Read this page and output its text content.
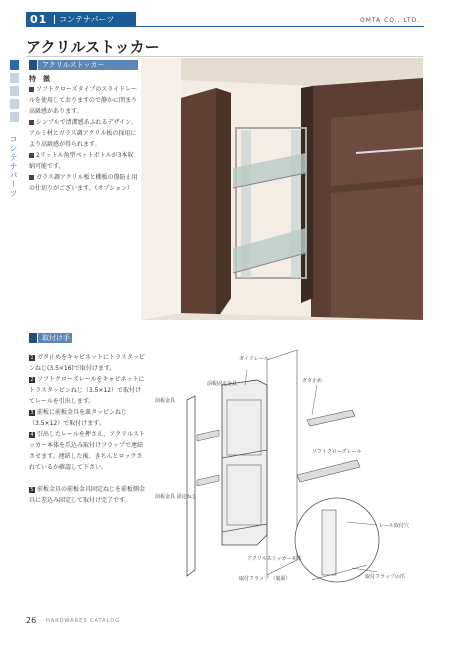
01 コンテナパーツ	OMTA CO., LTD.
アクリルストッカー
コンテナパーツ
アクリルストッカー
特　徴
ソフトクローズタイプのスライドレールを使用しておりますので静かに閉まり高級感があります。
シンプルで清潔感あふれるデザイン。アルミ材とガラス調アクリル板の採用により高級感が得られます。
2リットル角型ペットボトルが3本収納可能です。
ガラス調アクリル板と棚板の傷防止用の仕切りがございます。（オプション）
取付け手順
1 ガタ止めをキャビネットにトラスタッピンねじ(3.5×16)で取付けます。
2 ソフトクローズレールをキャビネットにトラスタッピンねじ（3.5×12）で取付けてレールを引出します。
3 前板に前板金具を皿タッピンねじ（3.5×12）で取付けます。
4 引出したレールを押さえ、アクリルストッカー本体を爪込み取付けフラップで連結させます。連結した後、きちんとロックされているか確認して下さい。
5 前板金具の前板金具固定ねじを前板側金具に差込み固定して取付け完了です。
ガイドレール
ガタ止め
前板固定金具
前板金具
前板金具 固定ねじ
ソフトクローズレール
アクリルストッカー本体
取付フラップ （裏面）
レール取付穴
取付フラップの爪
26 HARDWARES CATALOG
